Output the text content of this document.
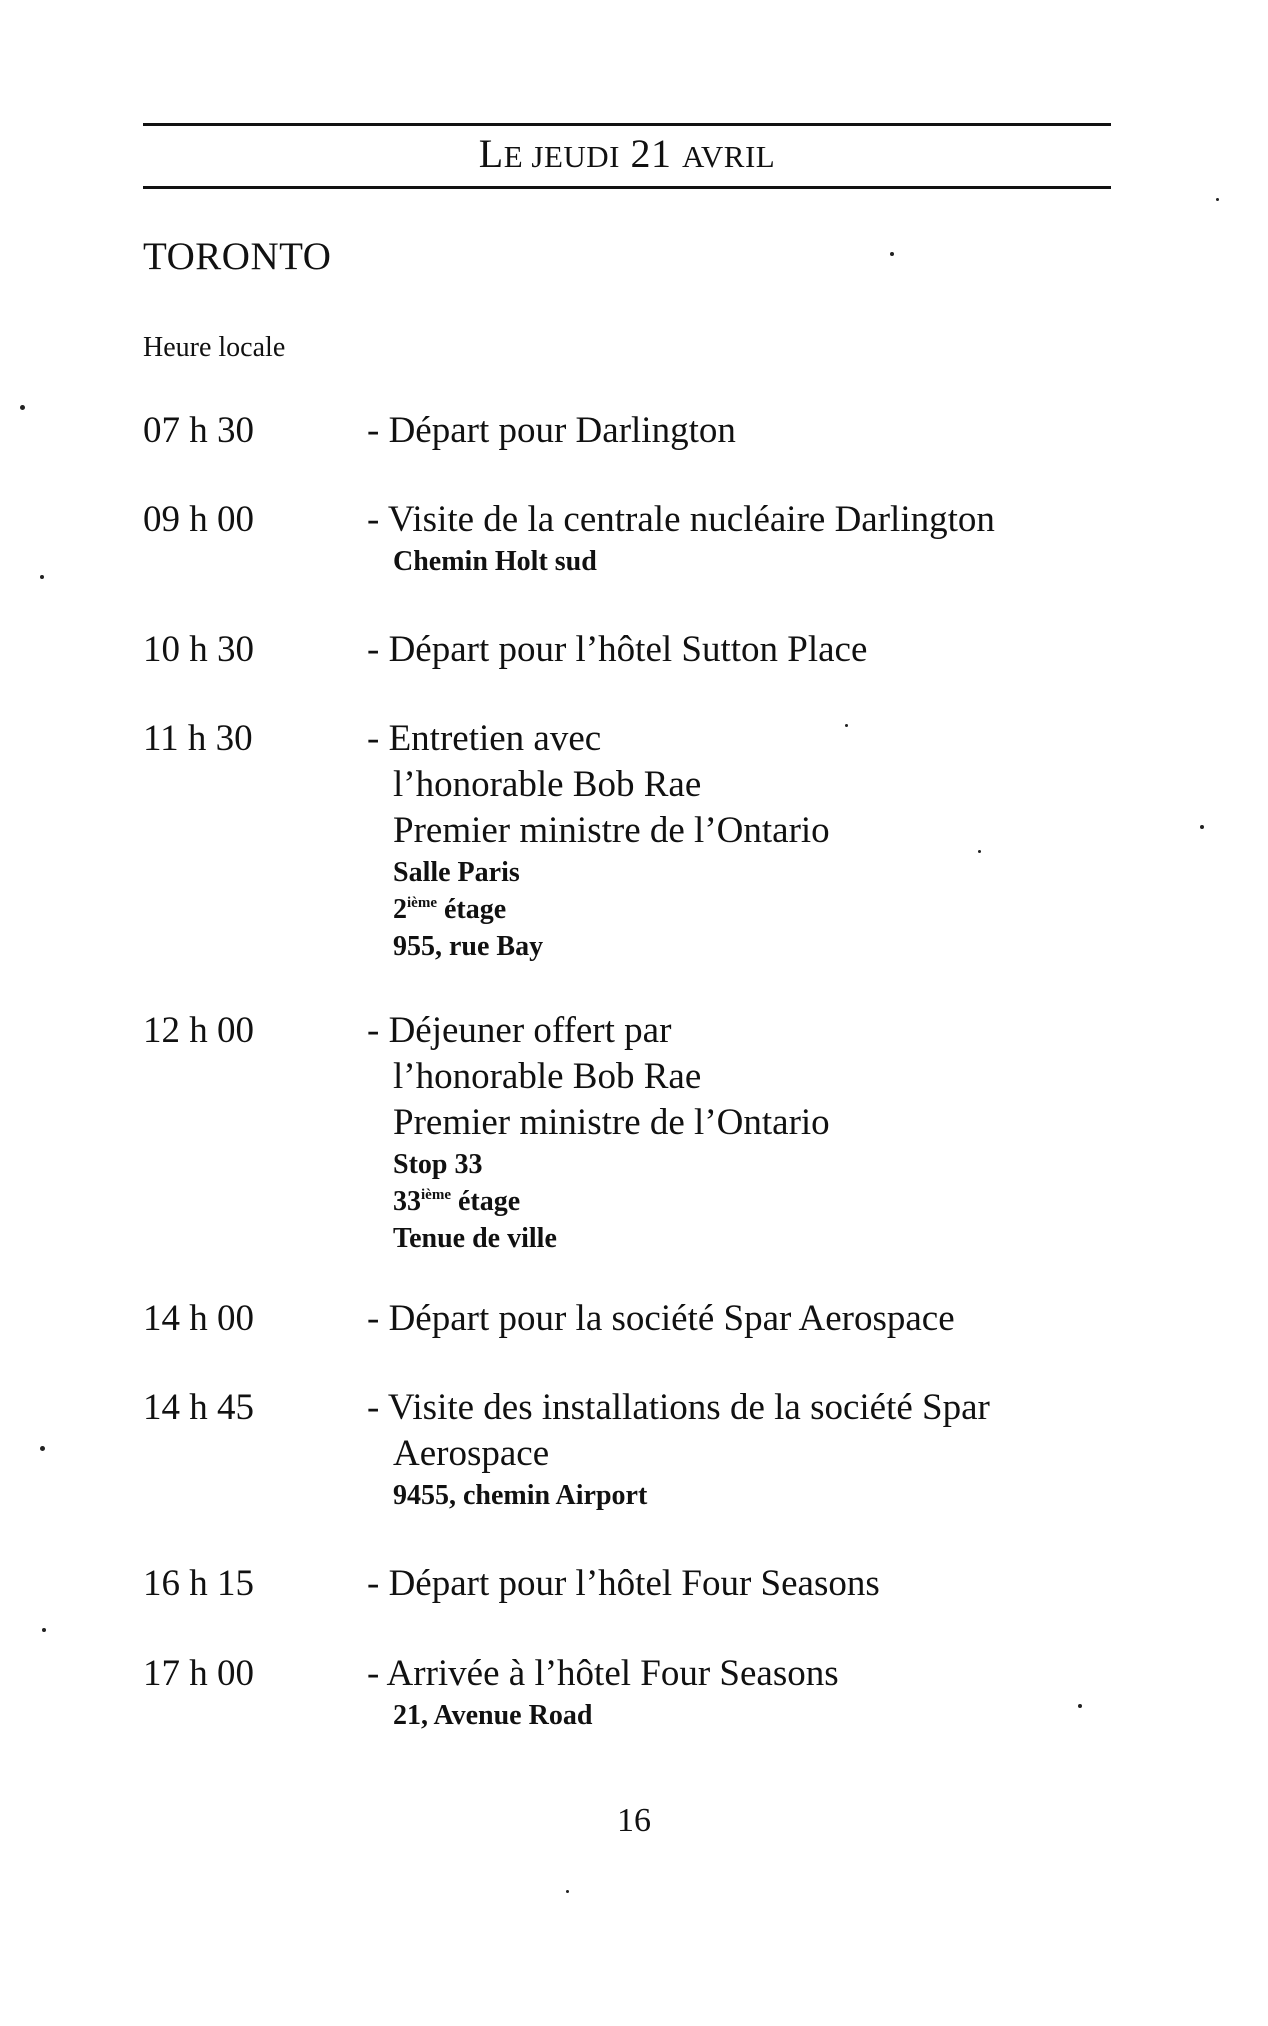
LE JEUDI 21 AVRIL
TORONTO
Heure locale
07 h 30	- Départ pour Darlington
09 h 00	- Visite de la centrale nucléaire Darlington
Chemin Holt sud
10 h 30	- Départ pour l’hôtel Sutton Place
11 h 30	- Entretien avec
l’honorable Bob Rae
Premier ministre de l’Ontario
Salle Paris
2ième étage
955, rue Bay
12 h 00	- Déjeuner offert par
l’honorable Bob Rae
Premier ministre de l’Ontario
Stop 33
33ième étage
Tenue de ville
14 h 00	- Départ pour la société Spar Aerospace
14 h 45	- Visite des installations de la société Spar
Aerospace
9455, chemin Airport
16 h 15	- Départ pour l’hôtel Four Seasons
17 h 00	- Arrivée à l’hôtel Four Seasons
21, Avenue Road
16
